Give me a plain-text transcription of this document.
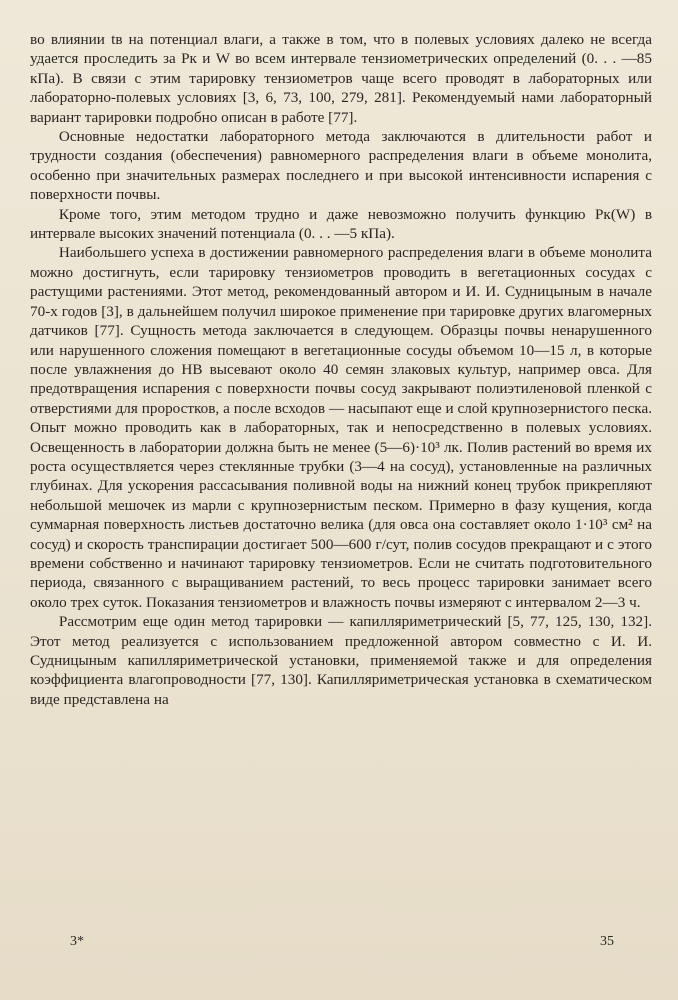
во влиянии tв на потенциал влаги, а также в том, что в полевых условиях далеко не всегда удается проследить за Pк и W во всем интервале тензиометрических определений (0. . . —85 кПа). В связи с этим тарировку тензиометров чаще всего проводят в лабораторных или лабораторно-полевых условиях [3, 6, 73, 100, 279, 281]. Рекомендуемый нами лабораторный вариант тарировки подробно описан в работе [77].

Основные недостатки лабораторного метода заключаются в длительности работ и трудности создания (обеспечения) равномерного распределения влаги в объеме монолита, особенно при значительных размерах последнего и при высокой интенсивности испарения с поверхности почвы.

Кроме того, этим методом трудно и даже невозможно получить функцию Pк(W) в интервале высоких значений потенциала (0. . . —5 кПа).

Наибольшего успеха в достижении равномерного распределения влаги в объеме монолита можно достигнуть, если тарировку тензиометров проводить в вегетационных сосудах с растущими растениями. Этот метод, рекомендованный автором и И. И. Судницыным в начале 70-х годов [3], в дальнейшем получил широкое применение при тарировке других влагомерных датчиков [77]. Сущность метода заключается в следующем. Образцы почвы ненарушенного или нарушенного сложения помещают в вегетационные сосуды объемом 10—15 л, в которые после увлажнения до HB высевают около 40 семян злаковых культур, например овса. Для предотвращения испарения с поверхности почвы сосуд закрывают полиэтиленовой пленкой с отверстиями для проростков, а после всходов — насыпают еще и слой крупнозернистого песка. Опыт можно проводить как в лабораторных, так и непосредственно в полевых условиях. Освещенность в лаборатории должна быть не менее (5—6)·10³ лк. Полив растений во время их роста осуществляется через стеклянные трубки (3—4 на сосуд), установленные на различных глубинах. Для ускорения рассасывания поливной воды на нижний конец трубок прикрепляют небольшой мешочек из марли с крупнозернистым песком. Примерно в фазу кущения, когда суммарная поверхность листьев достаточно велика (для овса она составляет около 1·10³ см² на сосуд) и скорость транспирации достигает 500—600 г/сут, полив сосудов прекращают и с этого времени собственно и начинают тарировку тензиометров. Если не считать подготовительного периода, связанного с выращиванием растений, то весь процесс тарировки занимает всего около трех суток. Показания тензиометров и влажность почвы измеряют с интервалом 2—3 ч.

Рассмотрим еще один метод тарировки — капилляриметрический [5, 77, 125, 130, 132]. Этот метод реализуется с использованием предложенной автором совместно с И. И. Судницыным капилляриметрической установки, применяемой также и для определения коэффициента влагопроводности [77, 130]. Капилляриметрическая установка в схематическом виде представлена на

3*	35
